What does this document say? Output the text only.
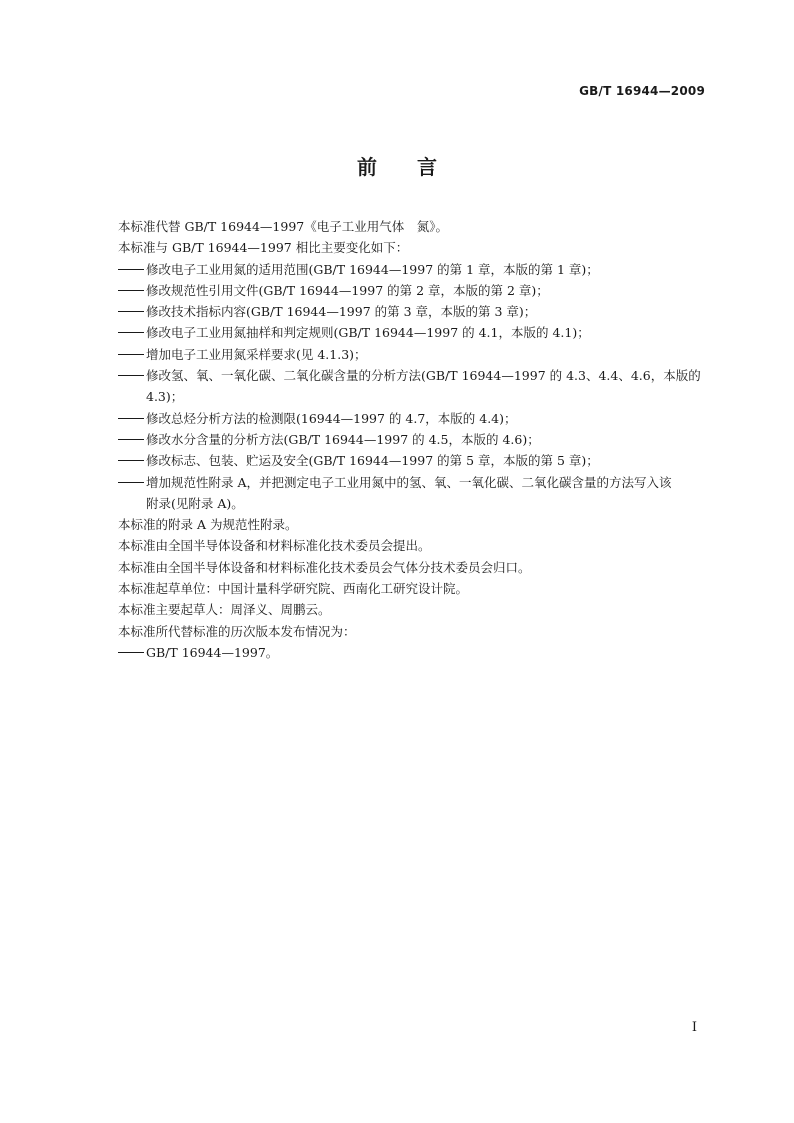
GB/T 16944—2009
前　　言
本标准代替 GB/T 16944—1997《电子工业用气体　氮》。
本标准与 GB/T 16944—1997 相比主要变化如下：
修改电子工业用氮的适用范围(GB/T 16944—1997 的第 1 章，本版的第 1 章)；
修改规范性引用文件(GB/T 16944—1997 的第 2 章，本版的第 2 章)；
修改技术指标内容(GB/T 16944—1997 的第 3 章，本版的第 3 章)；
修改电子工业用氮抽样和判定规则(GB/T 16944—1997 的 4.1，本版的 4.1)；
增加电子工业用氮采样要求(见 4.1.3)；
修改氢、氧、一氧化碳、二氧化碳含量的分析方法(GB/T 16944—1997 的 4.3、4.4、4.6，本版的
4.3)；
修改总烃分析方法的检测限(16944—1997 的 4.7，本版的 4.4)；
修改水分含量的分析方法(GB/T 16944—1997 的 4.5，本版的 4.6)；
修改标志、包装、贮运及安全(GB/T 16944—1997 的第 5 章，本版的第 5 章)；
增加规范性附录 A，并把测定电子工业用氮中的氢、氧、一氧化碳、二氧化碳含量的方法写入该
附录(见附录 A)。
本标准的附录 A 为规范性附录。
本标准由全国半导体设备和材料标准化技术委员会提出。
本标准由全国半导体设备和材料标准化技术委员会气体分技术委员会归口。
本标准起草单位：中国计量科学研究院、西南化工研究设计院。
本标准主要起草人：周泽义、周鹏云。
本标准所代替标准的历次版本发布情况为：
GB/T 16944—1997。
I
